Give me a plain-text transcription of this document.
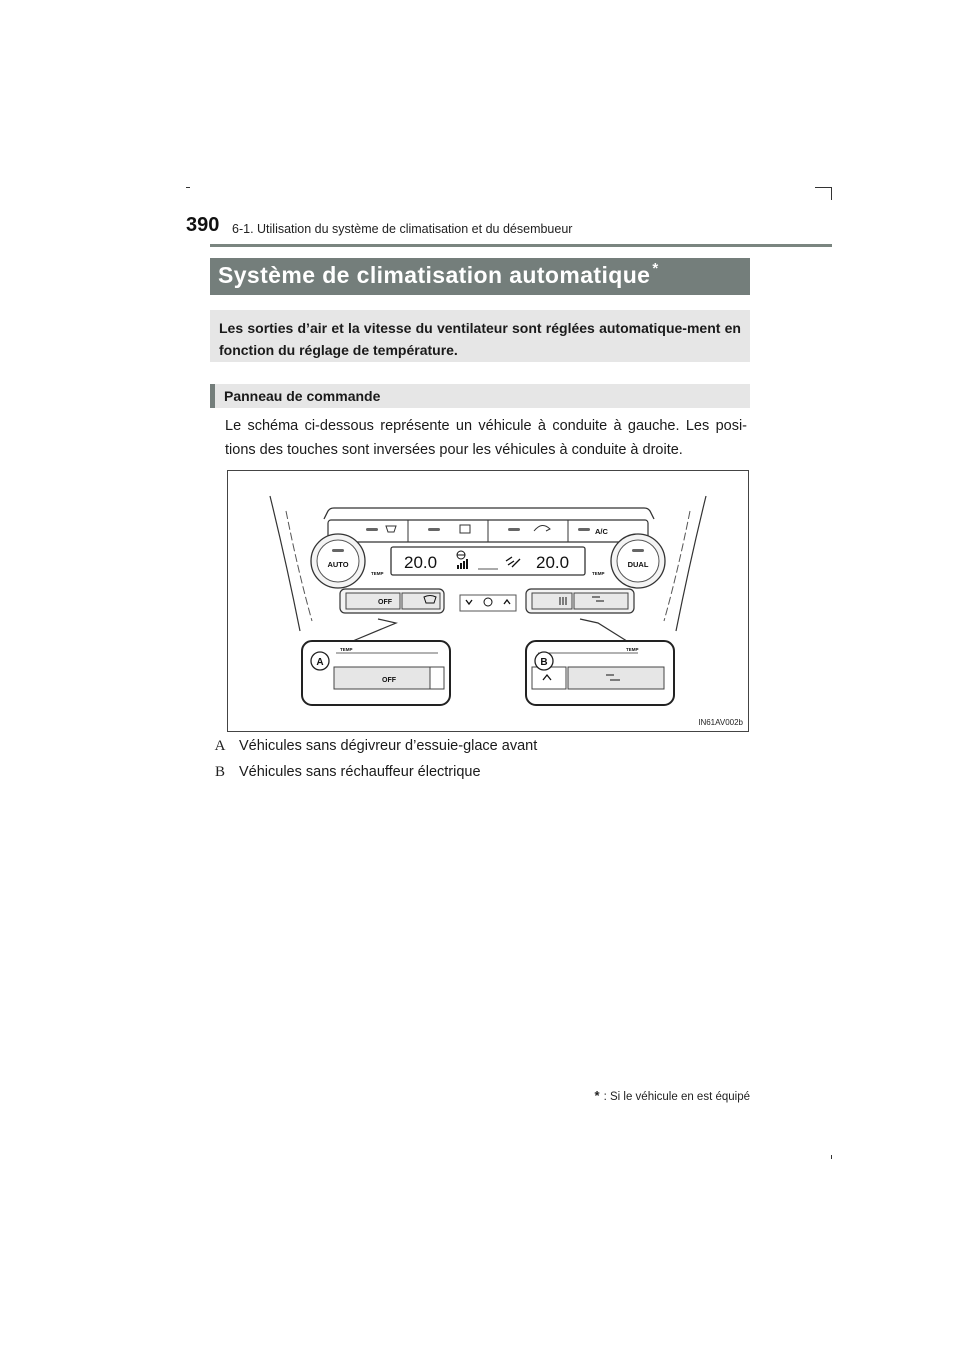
390 6-1. Utilisation du système de climatisation et du désembueur
Système de climatisation automatique *
Les sorties d’air et la vitesse du ventilateur sont réglées automatique-ment en fonction du réglage de température.
Panneau de commande
Le schéma ci-dessous représente un véhicule à conduite à gauche. Les posi-tions des touches sont inversées pour les véhicules à conduite à droite.
A/C
AUTO
TEMP
DUAL
TEMP
20.0	20.0
OFF
TEMP
OFF
A
TEMP
B
IN61AV002b
A Véhicules sans dégivreur d’essuie-glace avant
B Véhicules sans réchauffeur électrique
* : Si le véhicule en est équipé
